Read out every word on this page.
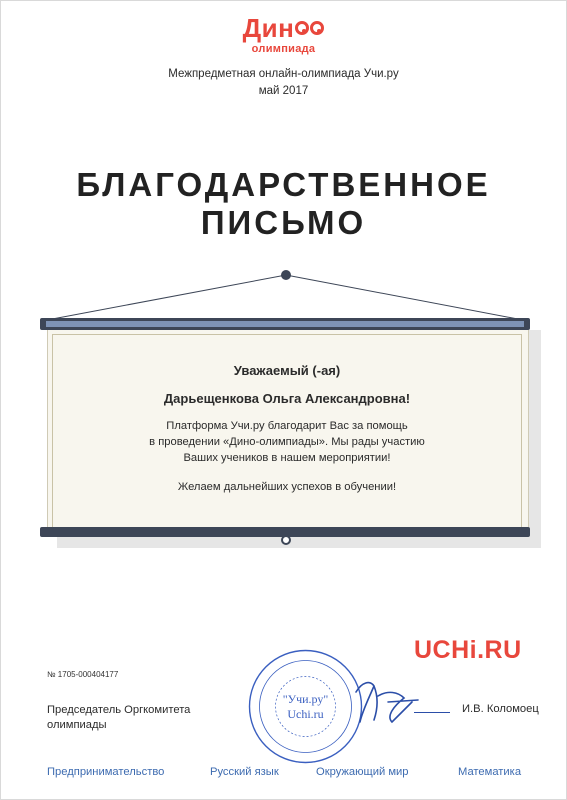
Дин
олимпиада
Межпредметная онлайн-олимпиада Учи.ру
май 2017
БЛАГОДАРСТВЕННОЕ
ПИСЬМО
Уважаемый (-ая)
Дарьещенкова Ольга Александровна!
Платформа Учи.ру благодарит Вас за помощь
в проведении «Дино-олимпиады». Мы рады участию
Ваших учеников в нашем мероприятии!
Желаем дальнейших успехов в обучении!
UCHi.RU
№ 1705-000404177
Председатель Оргкомитета олимпиады
И.В. Коломоец
"Учи.ру"
Uchi.ru
Предпринимательство	Русский язык	Окружающий мир	Математика
